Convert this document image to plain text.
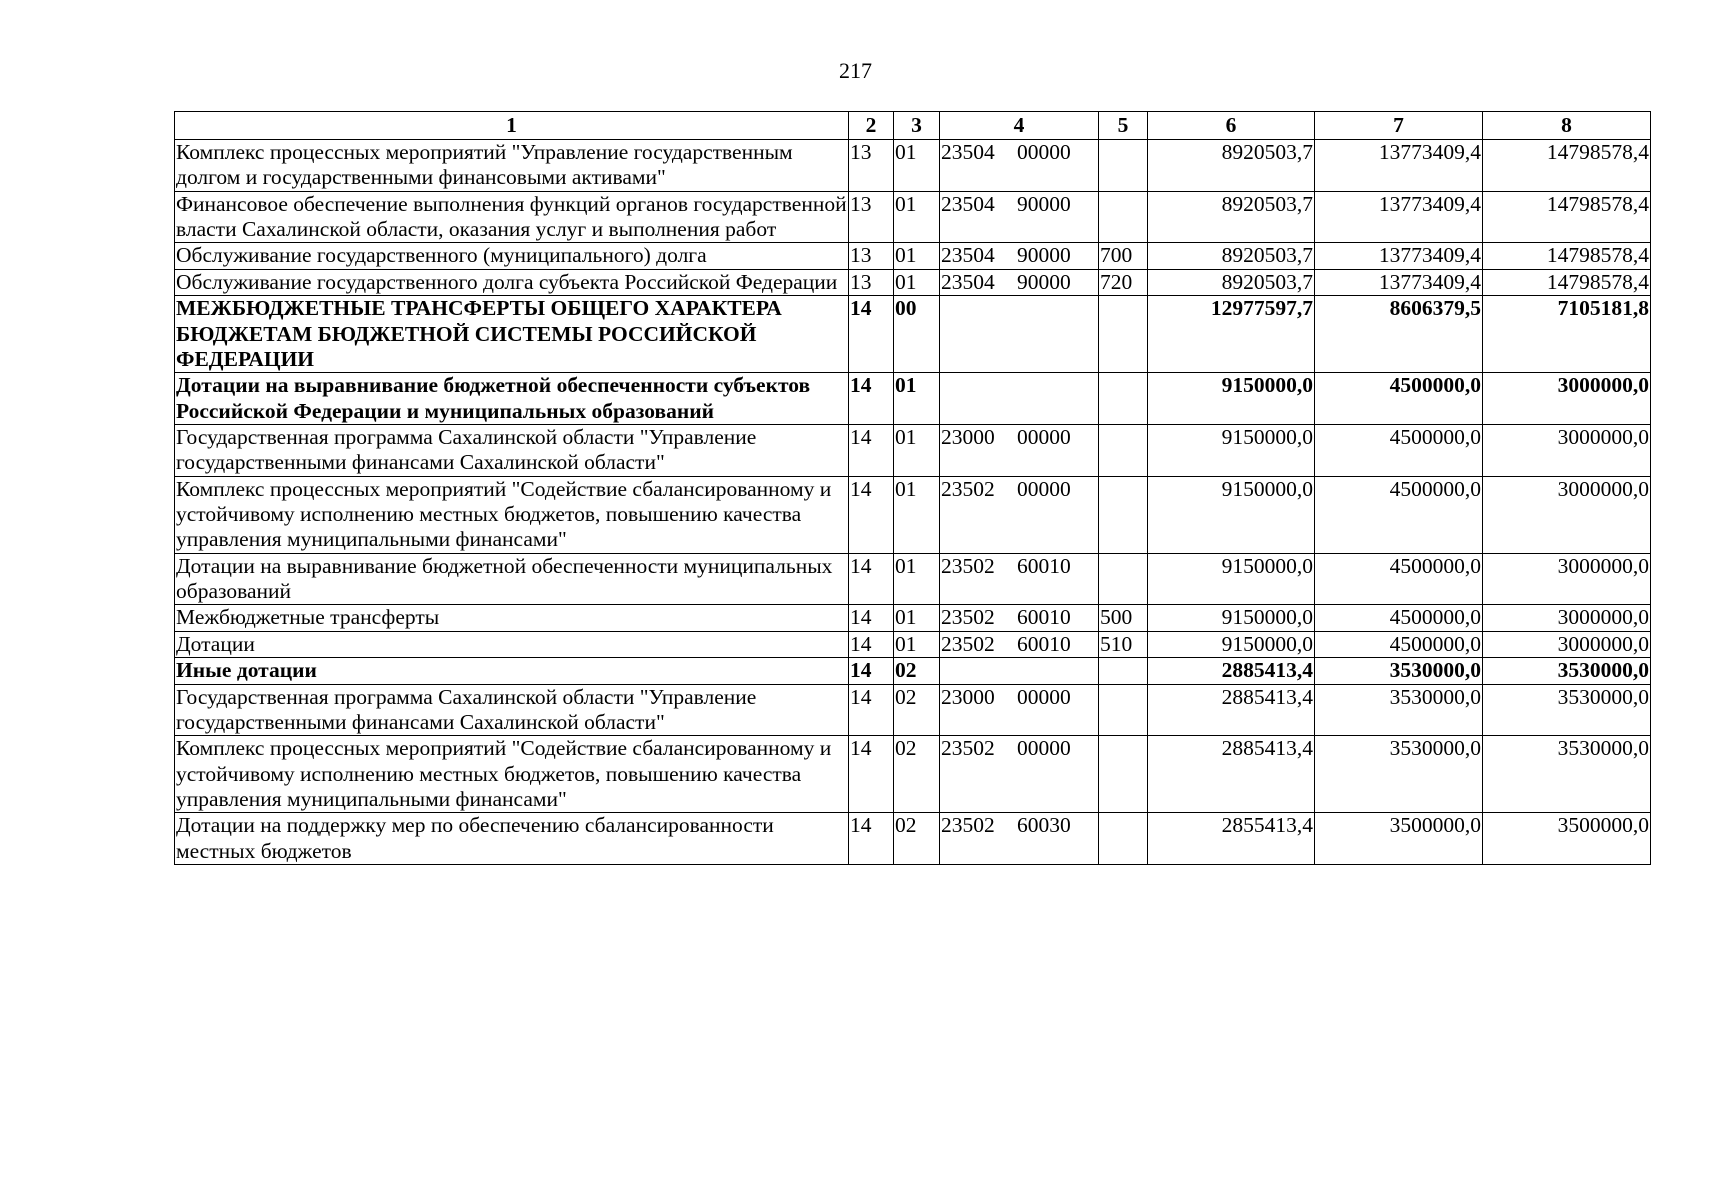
217
1	2	3	4	5	6	7	8
Комплекс процессных мероприятий "Управление государственным долгом и государственными финансовыми активами"	13	01	23504 00000		8920503,7	13773409,4	14798578,4
Финансовое обеспечение выполнения функций органов государственной власти Сахалинской области, оказания услуг и выполнения работ	13	01	23504 90000		8920503,7	13773409,4	14798578,4
Обслуживание государственного (муниципального) долга	13	01	23504 90000	700	8920503,7	13773409,4	14798578,4
Обслуживание государственного долга субъекта Российской Федерации	13	01	23504 90000	720	8920503,7	13773409,4	14798578,4
МЕЖБЮДЖЕТНЫЕ ТРАНСФЕРТЫ ОБЩЕГО ХАРАКТЕРА БЮДЖЕТАМ БЮДЖЕТНОЙ СИСТЕМЫ РОССИЙСКОЙ ФЕДЕРАЦИИ	14	00			12977597,7	8606379,5	7105181,8
Дотации на выравнивание бюджетной обеспеченности субъектов Российской Федерации и муниципальных образований	14	01			9150000,0	4500000,0	3000000,0
Государственная программа Сахалинской области "Управление государственными финансами Сахалинской области"	14	01	23000 00000		9150000,0	4500000,0	3000000,0
Комплекс процессных мероприятий "Содействие сбалансированному и устойчивому исполнению местных бюджетов, повышению качества управления муниципальными финансами"	14	01	23502 00000		9150000,0	4500000,0	3000000,0
Дотации на выравнивание бюджетной обеспеченности муниципальных образований	14	01	23502 60010		9150000,0	4500000,0	3000000,0
Межбюджетные трансферты	14	01	23502 60010	500	9150000,0	4500000,0	3000000,0
Дотации	14	01	23502 60010	510	9150000,0	4500000,0	3000000,0
Иные дотации	14	02			2885413,4	3530000,0	3530000,0
Государственная программа Сахалинской области "Управление государственными финансами Сахалинской области"	14	02	23000 00000		2885413,4	3530000,0	3530000,0
Комплекс процессных мероприятий "Содействие сбалансированному и устойчивому исполнению местных бюджетов, повышению качества управления муниципальными финансами"	14	02	23502 00000		2885413,4	3530000,0	3530000,0
Дотации на поддержку мер по обеспечению сбалансированности местных бюджетов	14	02	23502 60030		2855413,4	3500000,0	3500000,0
